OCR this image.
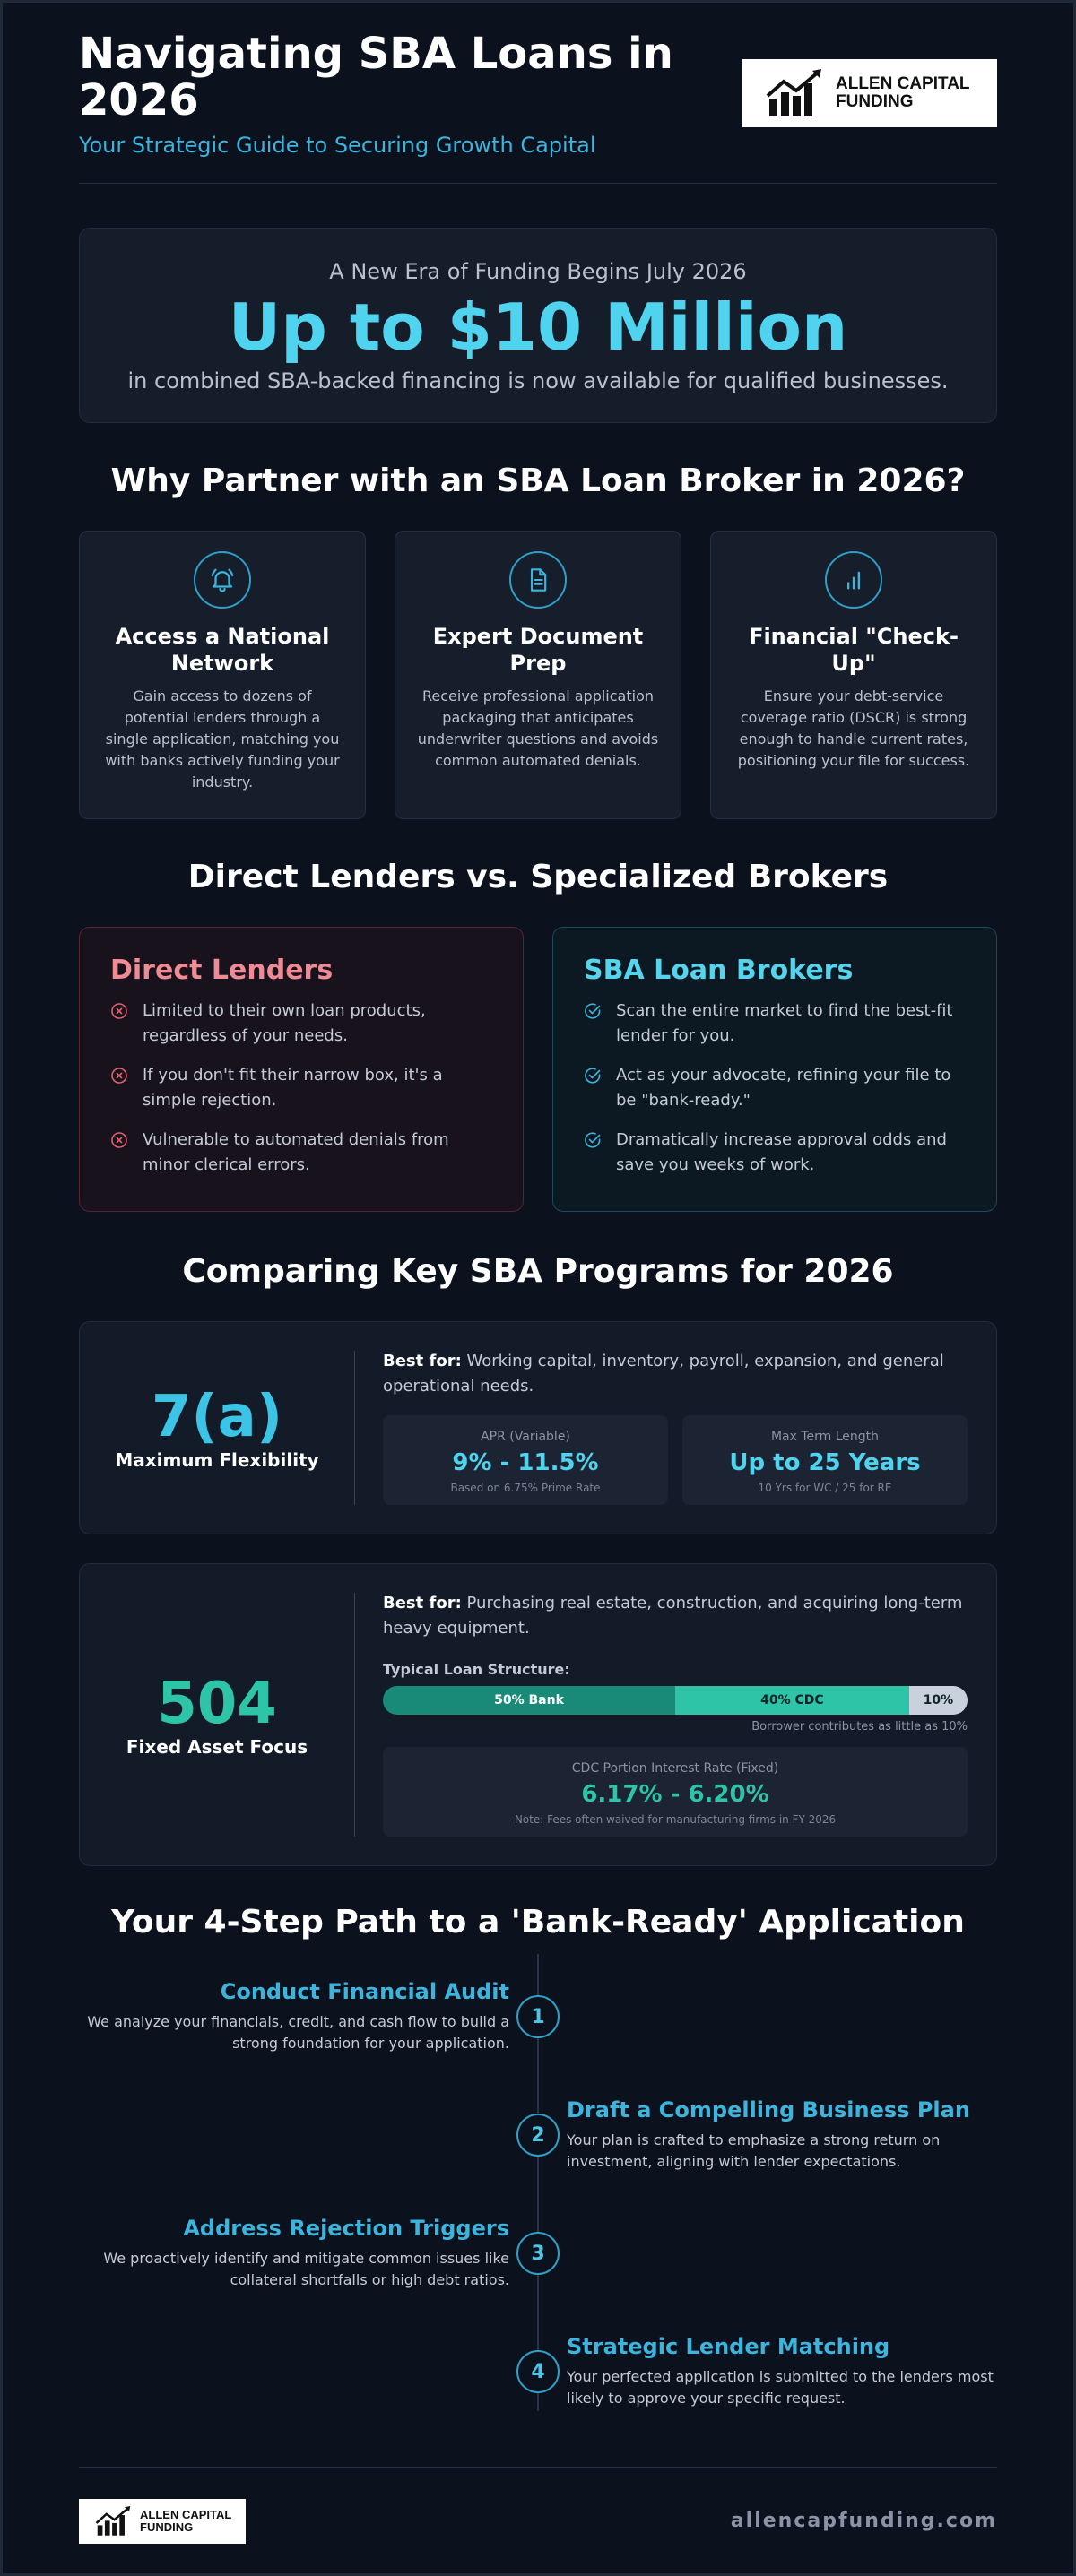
Navigating SBA Loans in 2026
Your Strategic Guide to Securing Growth Capital
ALLEN CAPITAL
FUNDING
A New Era of Funding Begins July 2026
Up to $10 Million
in combined SBA-backed financing is now available for qualified businesses.
Why Partner with an SBA Loan Broker in 2026?
Access a National Network
Gain access to dozens of potential lenders through a single application, matching you with banks actively funding your industry.
Expert Document Prep
Receive professional application packaging that anticipates underwriter questions and avoids common automated denials.
Financial "Check-Up"
Ensure your debt-service coverage ratio (DSCR) is strong enough to handle current rates, positioning your file for success.
Direct Lenders vs. Specialized Brokers
Direct Lenders
Limited to their own loan products, regardless of your needs.
If you don't fit their narrow box, it's a simple rejection.
Vulnerable to automated denials from minor clerical errors.
SBA Loan Brokers
Scan the entire market to find the best-fit lender for you.
Act as your advocate, refining your file to be "bank-ready."
Dramatically increase approval odds and save you weeks of work.
Comparing Key SBA Programs for 2026
7(a)
Maximum Flexibility
Best for: Working capital, inventory, payroll, expansion, and general operational needs.
APR (Variable)
9% - 11.5%
Based on 6.75% Prime Rate
Max Term Length
Up to 25 Years
10 Yrs for WC / 25 for RE
504
Fixed Asset Focus
Best for: Purchasing real estate, construction, and acquiring long-term heavy equipment.
Typical Loan Structure:
50% Bank	40% CDC	10%
Borrower contributes as little as 10%
CDC Portion Interest Rate (Fixed)
6.17% - 6.20%
Note: Fees often waived for manufacturing firms in FY 2026
Your 4-Step Path to a 'Bank-Ready' Application
1
Conduct Financial Audit
We analyze your financials, credit, and cash flow to build a strong foundation for your application.
2
Draft a Compelling Business Plan
Your plan is crafted to emphasize a strong return on investment, aligning with lender expectations.
3
Address Rejection Triggers
We proactively identify and mitigate common issues like collateral shortfalls or high debt ratios.
4
Strategic Lender Matching
Your perfected application is submitted to the lenders most likely to approve your specific request.
ALLEN CAPITAL
FUNDING	allencapfunding.com
